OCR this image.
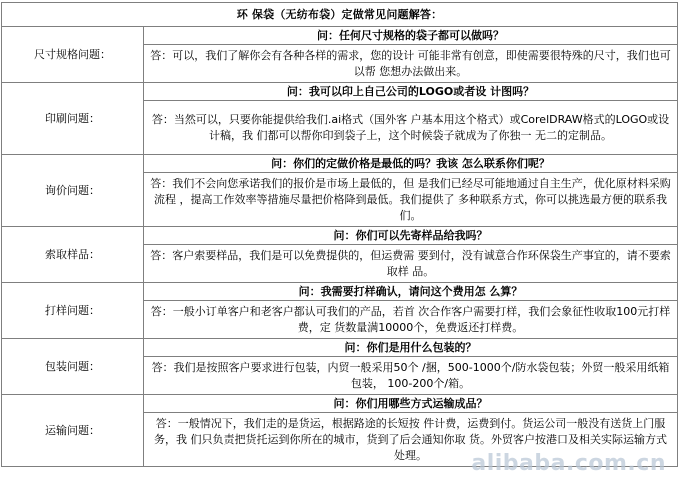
环 保袋（无纺布袋）定做常见问题解答：	
尺寸规格问题：	问：任何尺寸规格的袋子都可以做吗？
	答：可以，我们了解你会有各种各样的需求，您的设计 可能非常有创意，即使需要很特殊的尺寸，我们也可以帮 您想办法做出来。
印刷问题：	问：我可以印上自己公司的LOGO或者设 计图吗？
	答：当然可以，只要你能提供给我们.ai格式（国外客 户基本用这个格式）或CorelDRAW格式的LOGO或设计稿，我 们都可以帮你印到袋子上，这个时候袋子就成为了你独一 无二的定制品。
询价问题：	问：你们的定做价格是最低的吗？我该 怎么联系你们呢？
	答：我们不会向您承诺我们的报价是市场上最低的，但 是我们已经尽可能地通过自主生产，优化原材料采购流程 ，提高工作效率等措施尽量把价格降到最低。我们提供了 多种联系方式，你可以挑选最方便的联系我们。
索取样品：	问：你们可以先寄样品给我吗？
	答：客户索要样品，我们是可以免费提供的，但运费需 要到付，没有诚意合作环保袋生产事宜的，请不要索取样 品。
打样问题：	问：我需要打样确认，请问这个费用怎 么算？
	答：一般小订单客户和老客户都认可我们的产品，若首 次合作客户需要打样，我们会象征性收取100元打样费，定 货数量满10000个，免费返还打样费。
包装问题：	问：你们是用什么包装的？
	答：我们是按照客户要求进行包装，内贸一般采用50个 /捆，500-1000个/防水袋包装；外贸一般采用纸箱包装， 100-200个/箱。
运输问题：	问：你们用哪些方式运输成品？
	答：一般情况下，我们走的是货运，根据路途的长短按 件计费，运费到付。货运公司一般没有送货上门服务，我 们只负责把货托运到你所在的城市，货到了后会通知你取 货。外贸客户按港口及相关实际运输方式处理。 alibaba.com.cn
